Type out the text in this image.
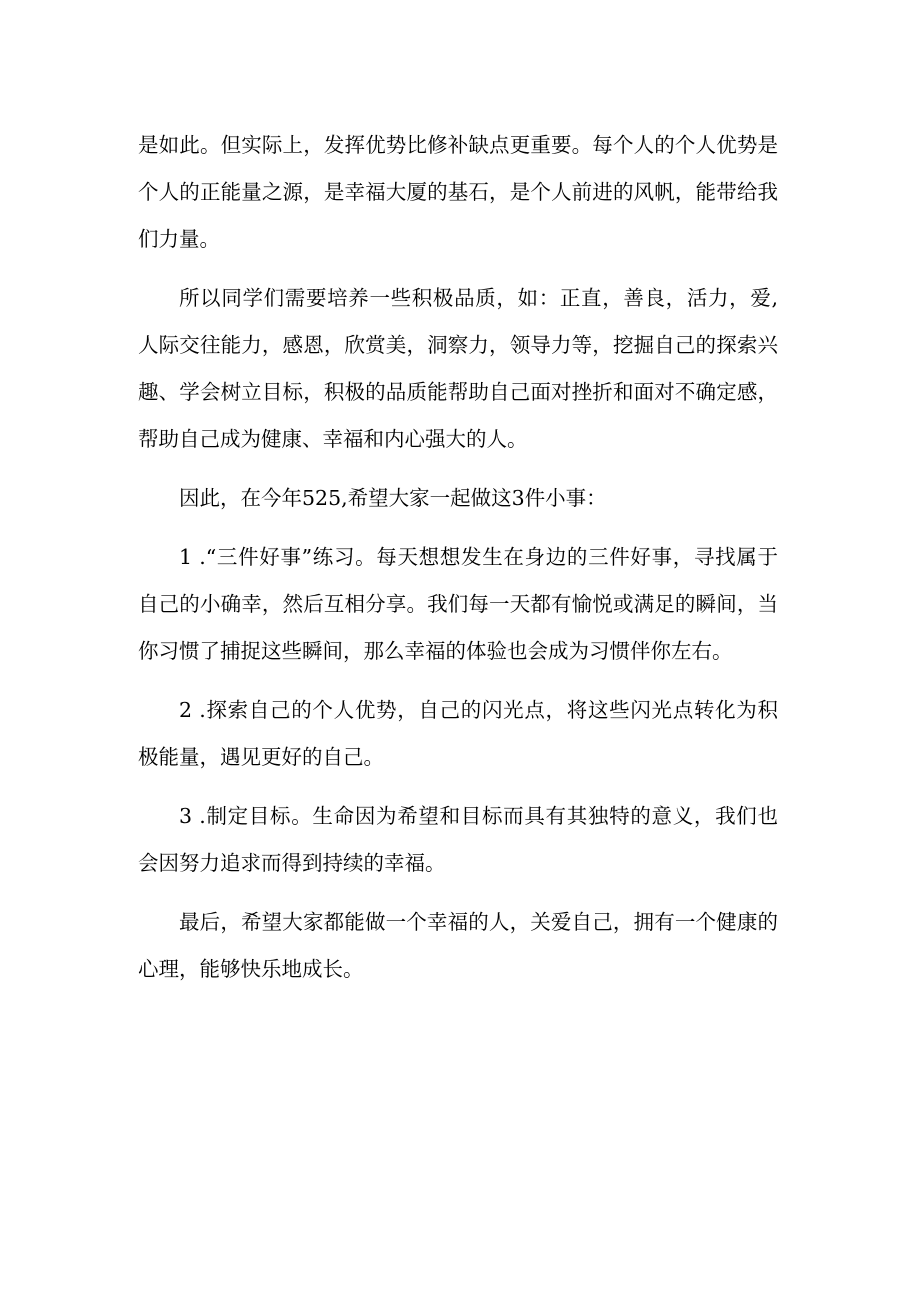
是如此。但实际上，发挥优势比修补缺点更重要。每个人的个人优势是个人的正能量之源，是幸福大厦的基石，是个人前进的风帆，能带给我们力量。

所以同学们需要培养一些积极品质，如：正直，善良，活力，爱,人际交往能力，感恩，欣赏美，洞察力，领导力等，挖掘自己的探索兴趣、学会树立目标，积极的品质能帮助自己面对挫折和面对不确定感，帮助自己成为健康、幸福和内心强大的人。

因此，在今年525,希望大家一起做这3件小事：

1 .“三件好事”练习。每天想想发生在身边的三件好事，寻找属于自己的小确幸，然后互相分享。我们每一天都有愉悦或满足的瞬间，当你习惯了捕捉这些瞬间，那么幸福的体验也会成为习惯伴你左右。

2 .探索自己的个人优势，自己的闪光点，将这些闪光点转化为积极能量，遇见更好的自己。

3 .制定目标。生命因为希望和目标而具有其独特的意义，我们也会因努力追求而得到持续的幸福。

最后，希望大家都能做一个幸福的人，关爱自己，拥有一个健康的心理，能够快乐地成长。
